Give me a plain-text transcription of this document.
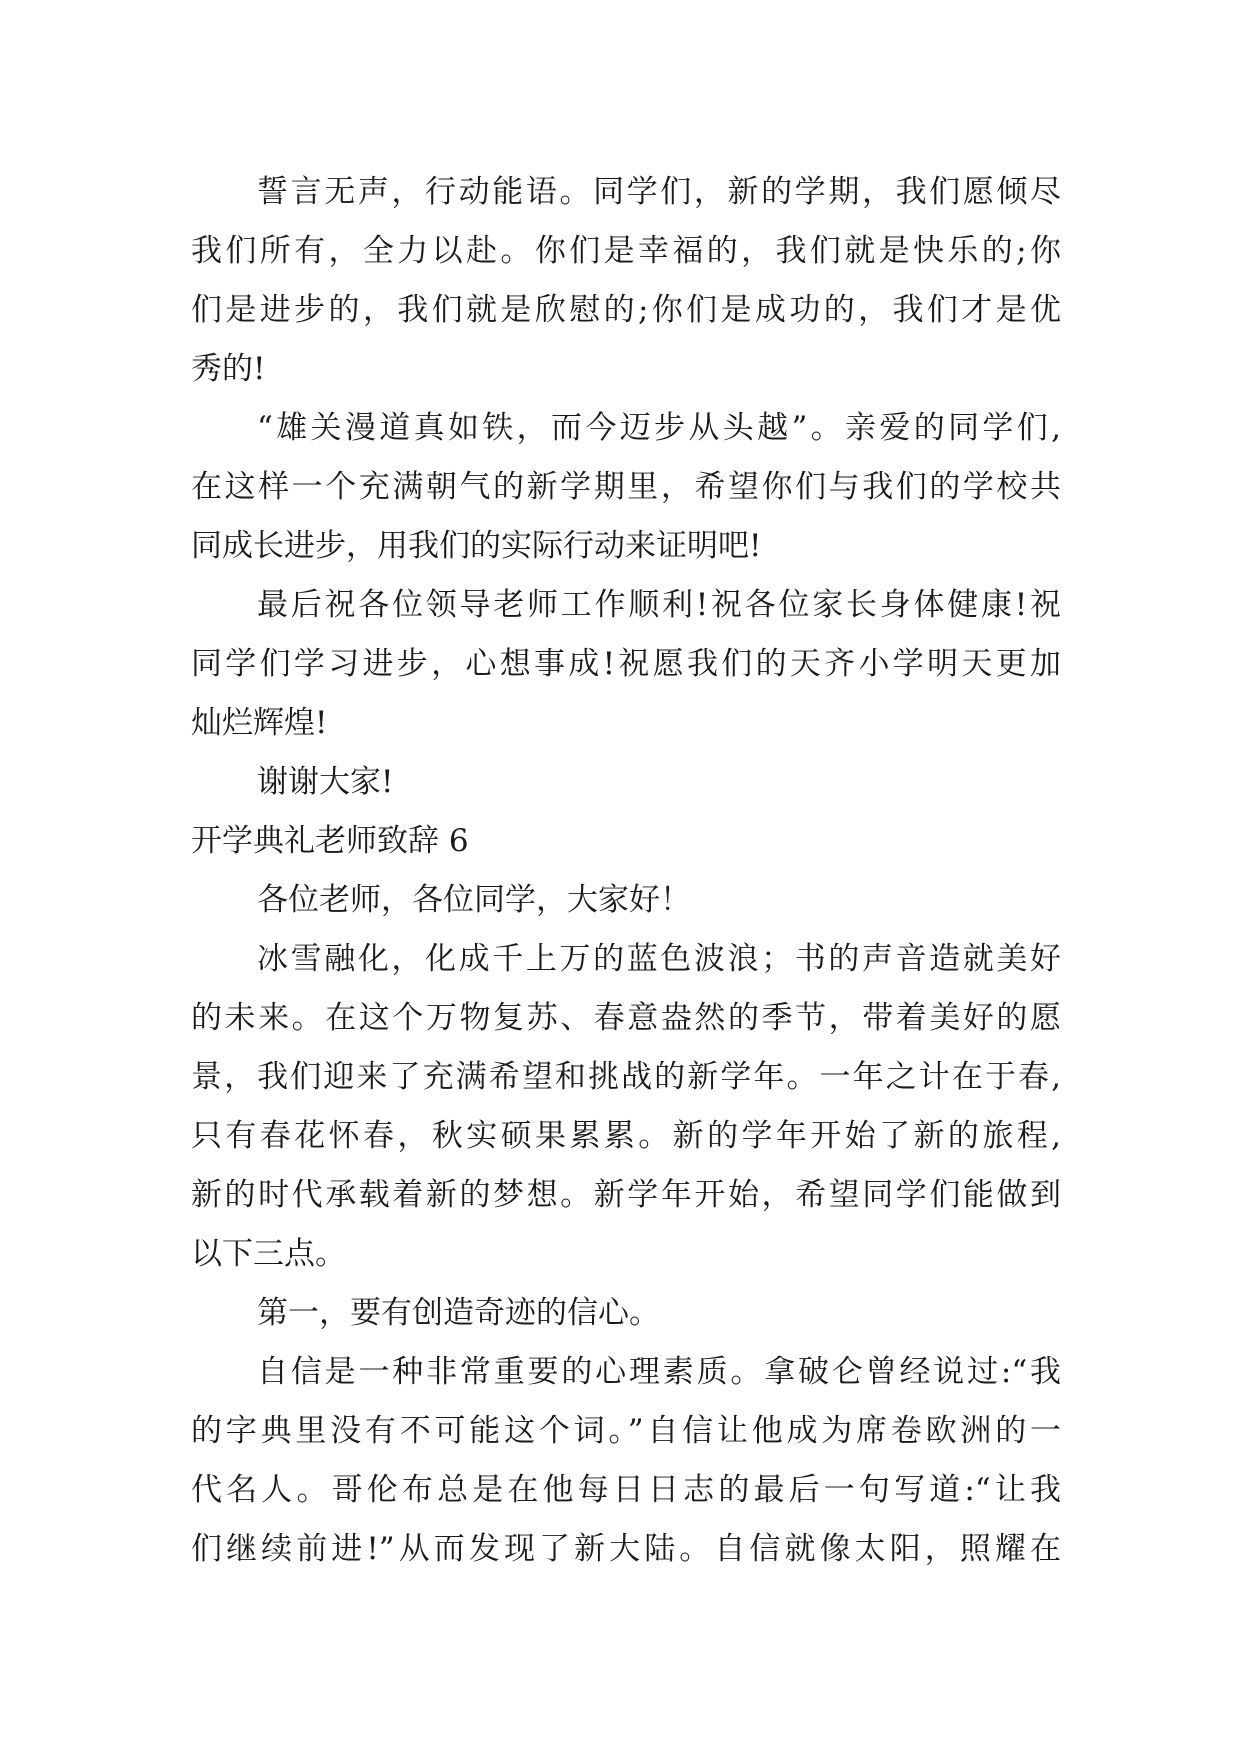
誓言无声，行动能语。同学们，新的学期，我们愿倾尽
我们所有，全力以赴。你们是幸福的，我们就是快乐的;你
们是进步的，我们就是欣慰的;你们是成功的，我们才是优
秀的!
“雄关漫道真如铁，而今迈步从头越”。亲爱的同学们,
在这样一个充满朝气的新学期里，希望你们与我们的学校共
同成长进步，用我们的实际行动来证明吧!
最后祝各位领导老师工作顺利!祝各位家长身体健康!祝
同学们学习进步，心想事成!祝愿我们的天齐小学明天更加
灿烂辉煌!
谢谢大家!
开学典礼老师致辞 6
各位老师，各位同学，大家好！
冰雪融化，化成千上万的蓝色波浪；书的声音造就美好
的未来。在这个万物复苏、春意盎然的季节，带着美好的愿
景，我们迎来了充满希望和挑战的新学年。一年之计在于春,
只有春花怀春，秋实硕果累累。新的学年开始了新的旅程,
新的时代承载着新的梦想。新学年开始，希望同学们能做到
以下三点。
第一，要有创造奇迹的信心。
自信是一种非常重要的心理素质。拿破仑曾经说过:“我
的字典里没有不可能这个词。”自信让他成为席卷欧洲的一
代名人。哥伦布总是在他每日日志的最后一句写道:“让我
们继续前进!”从而发现了新大陆。自信就像太阳，照耀在
